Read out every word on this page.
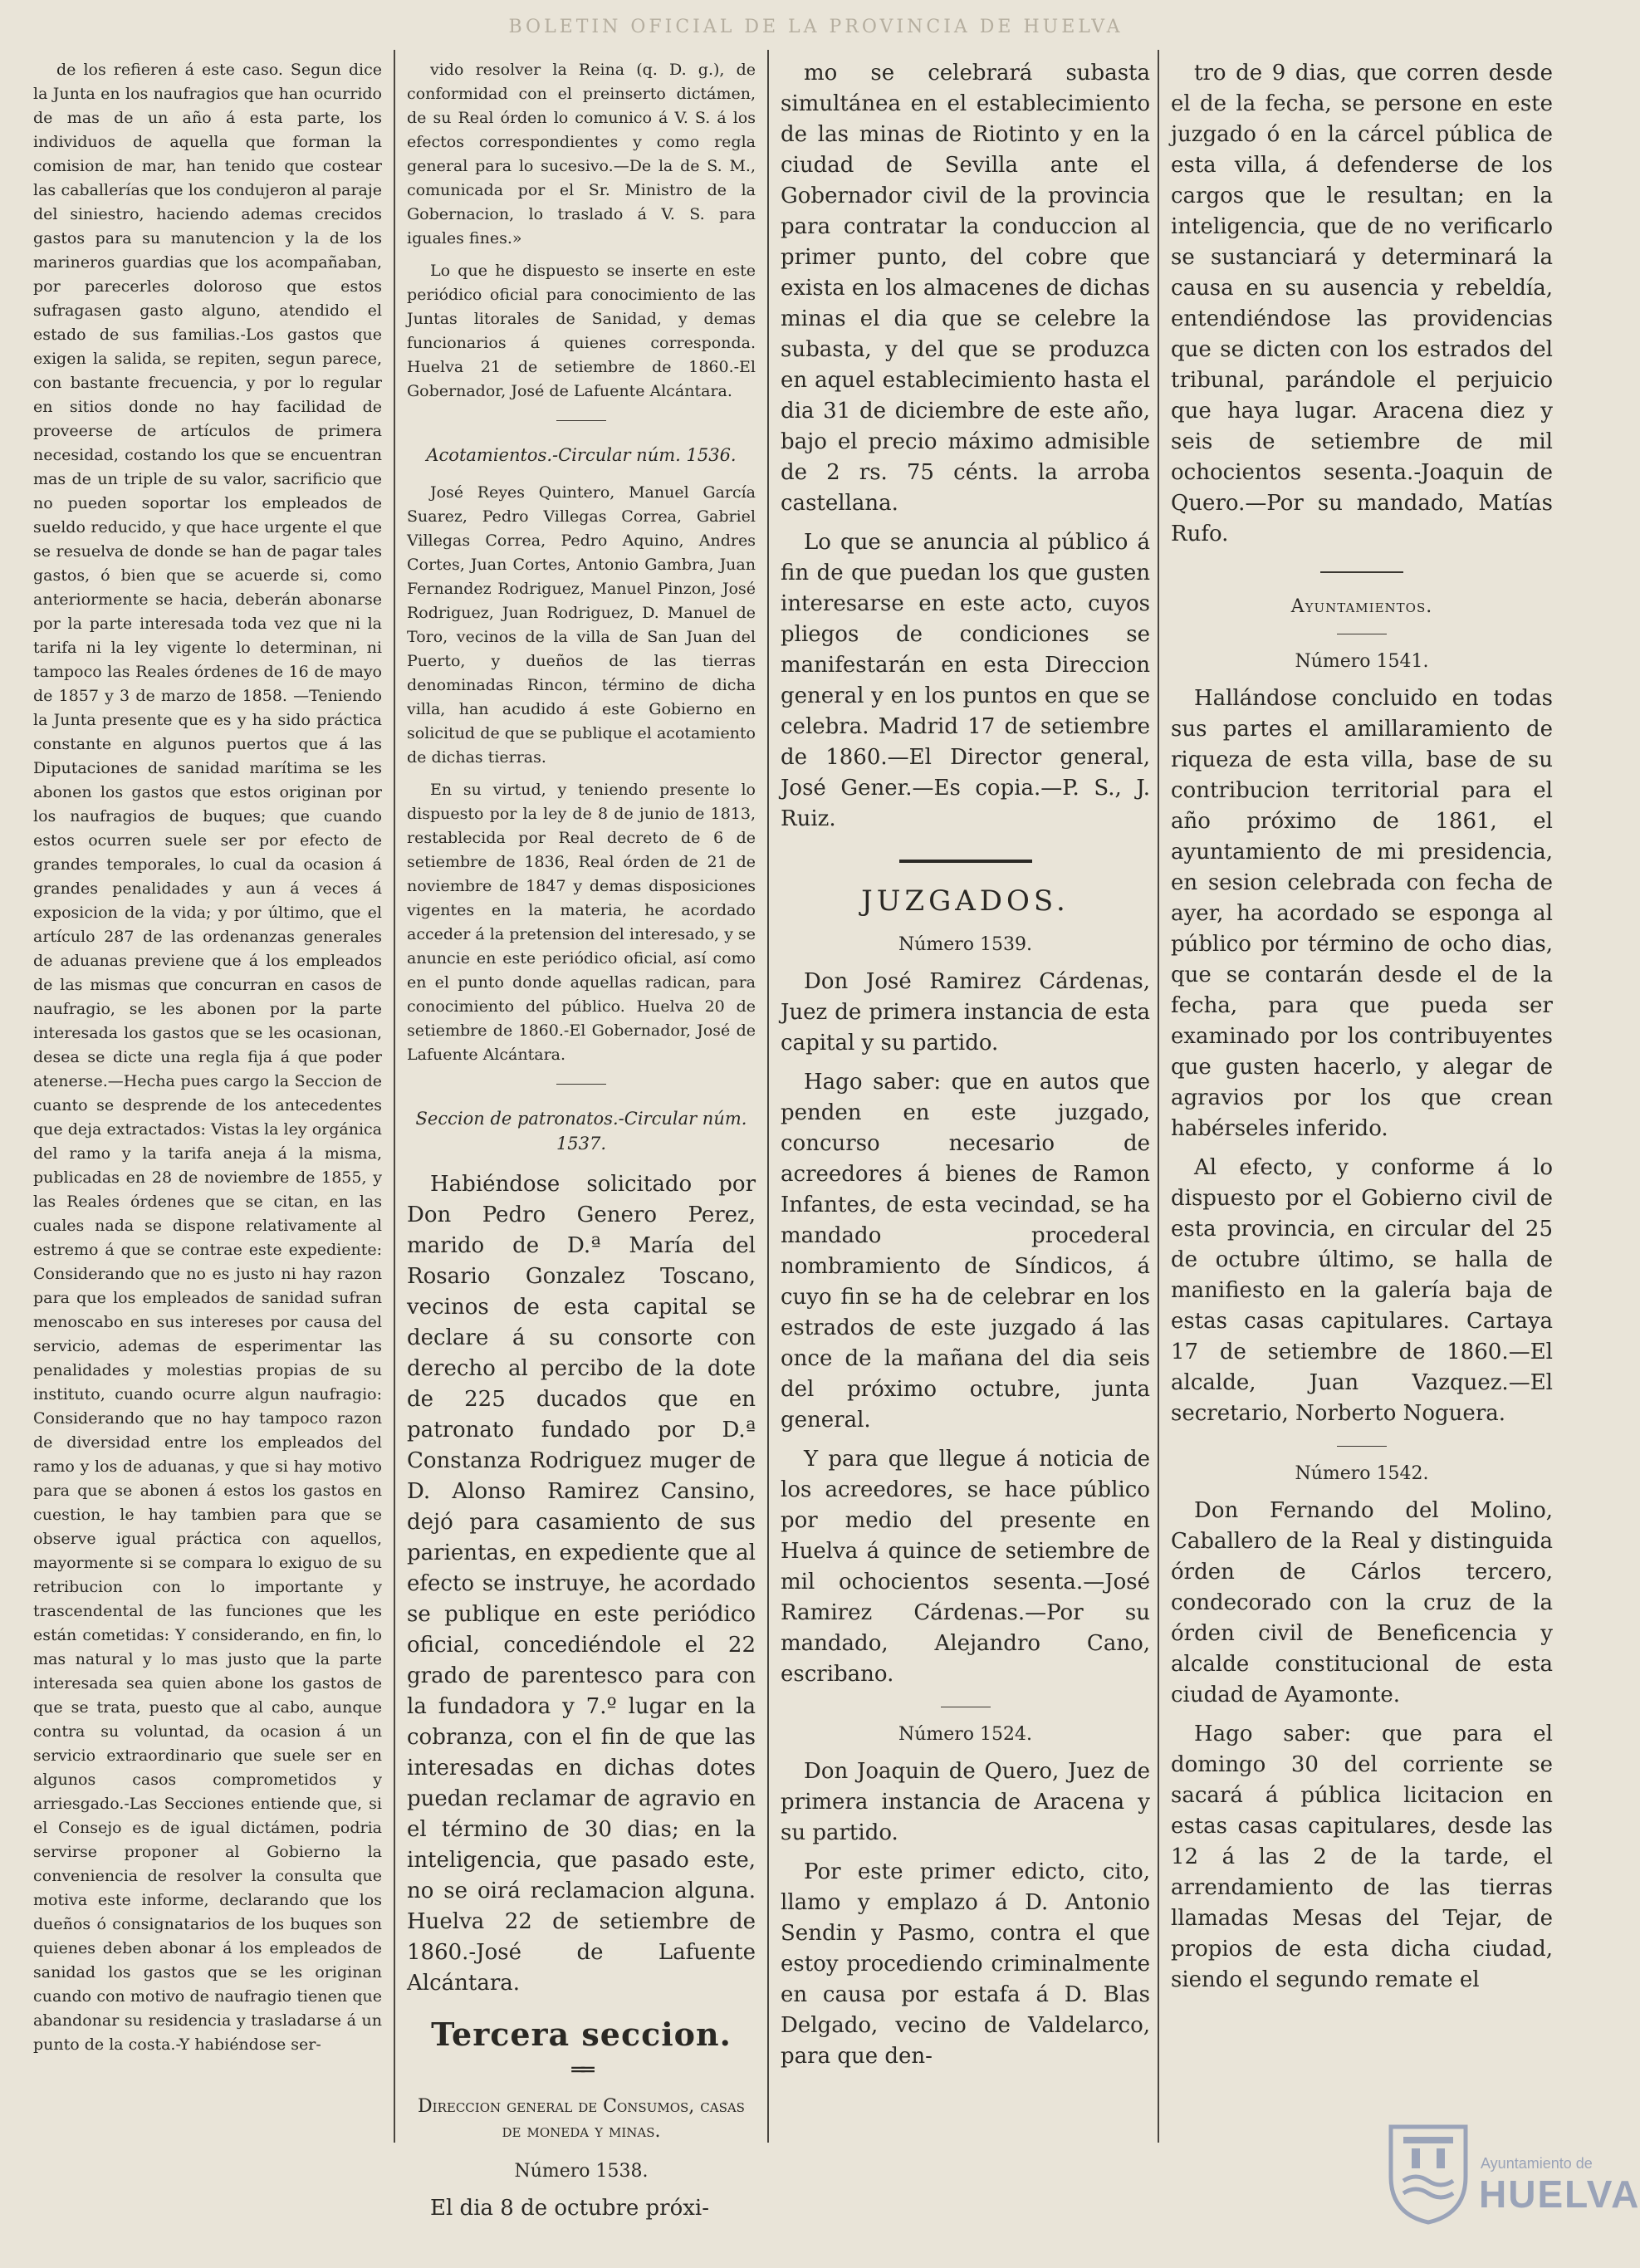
BOLETIN OFICIAL DE LA PROVINCIA DE HUELVA

de los refieren á este caso. Segun dice la Junta en los naufragios que han ocurrido de mas de un año á esta parte, los individuos de aquella que forman la comision de mar, han tenido que costear las caballerías que los condujeron al paraje del siniestro, haciendo ademas crecidos gastos para su manutencion y la de los marineros guardias que los acompañaban, por parecerles doloroso que estos sufragasen gasto alguno, atendido el estado de sus familias.-Los gastos que exigen la salida, se repiten, segun parece, con bastante frecuencia, y por lo regular en sitios donde no hay facilidad de proveerse de artículos de primera necesidad, costando los que se encuentran mas de un triple de su valor, sacrificio que no pueden soportar los empleados de sueldo reducido, y que hace urgente el que se resuelva de donde se han de pagar tales gastos, ó bien que se acuerde si, como anteriormente se hacia, deberán abonarse por la parte interesada toda vez que ni la tarifa ni la ley vigente lo determinan, ni tampoco las Reales órdenes de 16 de mayo de 1857 y 3 de marzo de 1858. —Teniendo la Junta presente que es y ha sido práctica constante en algunos puertos que á las Diputaciones de sanidad marítima se les abonen los gastos que estos originan por los naufragios de buques; que cuando estos ocurren suele ser por efecto de grandes temporales, lo cual da ocasion á grandes penalidades y aun á veces á exposicion de la vida; y por último, que el artículo 287 de las ordenanzas generales de aduanas previene que á los empleados de las mismas que concurran en casos de naufragio, se les abonen por la parte interesada los gastos que se les ocasionan, desea se dicte una regla fija á que poder atenerse.—Hecha pues cargo la Seccion de cuanto se desprende de los antecedentes que deja extractados: Vistas la ley orgánica del ramo y la tarifa aneja á la misma, publicadas en 28 de noviembre de 1855, y las Reales órdenes que se citan, en las cuales nada se dispone relativamente al estremo á que se contrae este expediente: Considerando que no es justo ni hay razon para que los empleados de sanidad sufran menoscabo en sus intereses por causa del servicio, ademas de esperimentar las penalidades y molestias propias de su instituto, cuando ocurre algun naufragio: Considerando que no hay tampoco razon de diversidad entre los empleados del ramo y los de aduanas, y que si hay motivo para que se abonen á estos los gastos en cuestion, le hay tambien para que se observe igual práctica con aquellos, mayormente si se compara lo exiguo de su retribucion con lo importante y trascendental de las funciones que les están cometidas: Y considerando, en fin, lo mas natural y lo mas justo que la parte interesada sea quien abone los gastos de que se trata, puesto que al cabo, aunque contra su voluntad, da ocasion á un servicio extraordinario que suele ser en algunos casos comprometidos y arriesgado.-Las Secciones entiende que, si el Consejo es de igual dictámen, podria servirse proponer al Gobierno la conveniencia de resolver la consulta que motiva este informe, declarando que los dueños ó consignatarios de los buques son quienes deben abonar á los empleados de sanidad los gastos que se les originan cuando con motivo de naufragio tienen que abandonar su residencia y trasladarse á un punto de la costa.-Y habiéndose ser-

vido resolver la Reina (q. D. g.), de conformidad con el preinserto dictámen, de su Real órden lo comunico á V. S. á los efectos correspondientes y como regla general para lo sucesivo.—De la de S. M., comunicada por el Sr. Ministro de la Gobernacion, lo traslado á V. S. para iguales fines.»

Lo que he dispuesto se inserte en este periódico oficial para conocimiento de las Juntas litorales de Sanidad, y demas funcionarios á quienes corresponda. Huelva 21 de setiembre de 1860.-El Gobernador, José de Lafuente Alcántara.

Acotamientos.-Circular núm. 1536.

José Reyes Quintero, Manuel García Suarez, Pedro Villegas Correa, Gabriel Villegas Correa, Pedro Aquino, Andres Cortes, Juan Cortes, Antonio Gambra, Juan Fernandez Rodriguez, Manuel Pinzon, José Rodriguez, Juan Rodriguez, D. Manuel de Toro, vecinos de la villa de San Juan del Puerto, y dueños de las tierras denominadas Rincon, término de dicha villa, han acudido á este Gobierno en solicitud de que se publique el acotamiento de dichas tierras.

En su virtud, y teniendo presente lo dispuesto por la ley de 8 de junio de 1813, restablecida por Real decreto de 6 de setiembre de 1836, Real órden de 21 de noviembre de 1847 y demas disposiciones vigentes en la materia, he acordado acceder á la pretension del interesado, y se anuncie en este periódico oficial, así como en el punto donde aquellas radican, para conocimiento del público. Huelva 20 de setiembre de 1860.-El Gobernador, José de Lafuente Alcántara.

Seccion de patronatos.-Circular núm. 1537.

Habiéndose solicitado por Don Pedro Genero Perez, marido de D.ª María del Rosario Gonzalez Toscano, vecinos de esta capital se declare á su consorte con derecho al percibo de la dote de 225 ducados que en patronato fundado por D.ª Constanza Rodriguez muger de D. Alonso Ramirez Cansino, dejó para casamiento de sus parientas, en expediente que al efecto se instruye, he acordado se publique en este periódico oficial, concediéndole el 22 grado de parentesco para con la fundadora y 7.º lugar en la cobranza, con el fin de que las interesadas en dichas dotes puedan reclamar de agravio en el término de 30 dias; en la inteligencia, que pasado este, no se oirá reclamacion alguna. Huelva 22 de setiembre de 1860.-José de Lafuente Alcántara.

Tercera seccion.
══
Direccion general de Consumos, casas de moneda y minas.
Número 1538.

El dia 8 de octubre próxi-

mo se celebrará subasta simultánea en el establecimiento de las minas de Riotinto y en la ciudad de Sevilla ante el Gobernador civil de la provincia para contratar la conduccion al primer punto, del cobre que exista en los almacenes de dichas minas el dia que se celebre la subasta, y del que se produzca en aquel establecimiento hasta el dia 31 de diciembre de este año, bajo el precio máximo admisible de 2 rs. 75 cénts. la arroba castellana.

Lo que se anuncia al público á fin de que puedan los que gusten interesarse en este acto, cuyos pliegos de condiciones se manifestarán en esta Direccion general y en los puntos en que se celebra. Madrid 17 de setiembre de 1860.—El Director general, José Gener.—Es copia.—P. S., J. Ruiz.

JUZGADOS.
Número 1539.

Don José Ramirez Cárdenas, Juez de primera instancia de esta capital y su partido.

Hago saber: que en autos que penden en este juzgado, concurso necesario de acreedores á bienes de Ramon Infantes, de esta vecindad, se ha mandado procederal nombramiento de Síndicos, á cuyo fin se ha de celebrar en los estrados de este juzgado á las once de la mañana del dia seis del próximo octubre, junta general.

Y para que llegue á noticia de los acreedores, se hace público por medio del presente en Huelva á quince de setiembre de mil ochocientos sesenta.—José Ramirez Cárdenas.—Por su mandado, Alejandro Cano, escribano.

Número 1524.

Don Joaquin de Quero, Juez de primera instancia de Aracena y su partido.

Por este primer edicto, cito, llamo y emplazo á D. Antonio Sendin y Pasmo, contra el que estoy procediendo criminalmente en causa por estafa á D. Blas Delgado, vecino de Valdelarco, para que den-

tro de 9 dias, que corren desde el de la fecha, se persone en este juzgado ó en la cárcel pública de esta villa, á defenderse de los cargos que le resultan; en la inteligencia, que de no verificarlo se sustanciará y determinará la causa en su ausencia y rebeldía, entendiéndose las providencias que se dicten con los estrados del tribunal, parándole el perjuicio que haya lugar. Aracena diez y seis de setiembre de mil ochocientos sesenta.-Joaquin de Quero.—Por su mandado, Matías Rufo.

Ayuntamientos.
Número 1541.

Hallándose concluido en todas sus partes el amillaramiento de riqueza de esta villa, base de su contribucion territorial para el año próximo de 1861, el ayuntamiento de mi presidencia, en sesion celebrada con fecha de ayer, ha acordado se esponga al público por término de ocho dias, que se contarán desde el de la fecha, para que pueda ser examinado por los contribuyentes que gusten hacerlo, y alegar de agravios por los que crean habérseles inferido.

Al efecto, y conforme á lo dispuesto por el Gobierno civil de esta provincia, en circular del 25 de octubre último, se halla de manifiesto en la galería baja de estas casas capitulares. Cartaya 17 de setiembre de 1860.—El alcalde, Juan Vazquez.—El secretario, Norberto Noguera.

Número 1542.

Don Fernando del Molino, Caballero de la Real y distinguida órden de Cárlos tercero, condecorado con la cruz de la órden civil de Beneficencia y alcalde constitucional de esta ciudad de Ayamonte.

Hago saber: que para el domingo 30 del corriente se sacará á pública licitacion en estas casas capitulares, desde las 12 á las 2 de la tarde, el arrendamiento de las tierras llamadas Mesas del Tejar, de propios de esta dicha ciudad, siendo el segundo remate el

Ayuntamiento de
HUELVA
